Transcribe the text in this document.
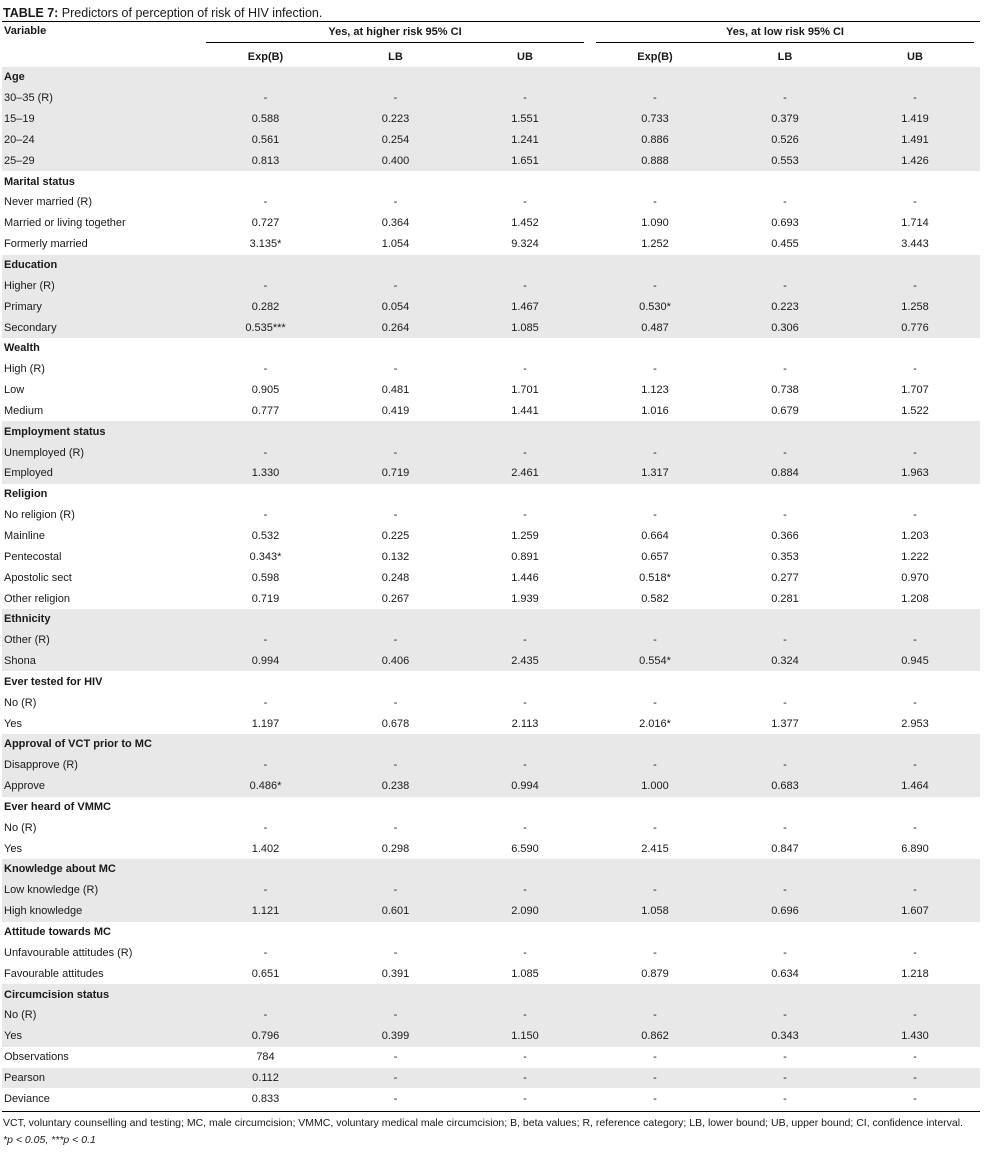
TABLE 7: Predictors of perception of risk of HIV infection.
Variable	Yes, at higher risk 95% CI			Yes, at low risk 95% CI		
	Exp(B)	LB	UB	Exp(B)	LB	UB
Age						
30–35 (R)	-	-	-	-	-	-
15–19	0.588	0.223	1.551	0.733	0.379	1.419
20–24	0.561	0.254	1.241	0.886	0.526	1.491
25–29	0.813	0.400	1.651	0.888	0.553	1.426
Marital status						
Never married (R)	-	-	-	-	-	-
Married or living together	0.727	0.364	1.452	1.090	0.693	1.714
Formerly married	3.135*	1.054	9.324	1.252	0.455	3.443
Education						
Higher (R)	-	-	-	-	-	-
Primary	0.282	0.054	1.467	0.530*	0.223	1.258
Secondary	0.535***	0.264	1.085	0.487	0.306	0.776
Wealth						
High (R)	-	-	-	-	-	-
Low	0.905	0.481	1.701	1.123	0.738	1.707
Medium	0.777	0.419	1.441	1.016	0.679	1.522
Employment status						
Unemployed (R)	-	-	-	-	-	-
Employed	1.330	0.719	2.461	1.317	0.884	1.963
Religion						
No religion (R)	-	-	-	-	-	-
Mainline	0.532	0.225	1.259	0.664	0.366	1.203
Pentecostal	0.343*	0.132	0.891	0.657	0.353	1.222
Apostolic sect	0.598	0.248	1.446	0.518*	0.277	0.970
Other religion	0.719	0.267	1.939	0.582	0.281	1.208
Ethnicity						
Other (R)	-	-	-	-	-	-
Shona	0.994	0.406	2.435	0.554*	0.324	0.945
Ever tested for HIV						
No (R)	-	-	-	-	-	-
Yes	1.197	0.678	2.113	2.016*	1.377	2.953
Approval of VCT prior to MC						
Disapprove (R)	-	-	-	-	-	-
Approve	0.486*	0.238	0.994	1.000	0.683	1.464
Ever heard of VMMC						
No (R)	-	-	-	-	-	-
Yes	1.402	0.298	6.590	2.415	0.847	6.890
Knowledge about MC						
Low knowledge (R)	-	-	-	-	-	-
High knowledge	1.121	0.601	2.090	1.058	0.696	1.607
Attitude towards MC						
Unfavourable attitudes (R)	-	-	-	-	-	-
Favourable attitudes	0.651	0.391	1.085	0.879	0.634	1.218
Circumcision status						
No (R)	-	-	-	-	-	-
Yes	0.796	0.399	1.150	0.862	0.343	1.430
Observations	784	-	-	-	-	-
Pearson	0.112	-	-	-	-	-
Deviance	0.833	-	-	-	-	-
VCT, voluntary counselling and testing; MC, male circumcision; VMMC, voluntary medical male circumcision; B, beta values; R, reference category; LB, lower bound; UB, upper bound; CI, confidence interval.
*p < 0.05, ***p < 0.1
